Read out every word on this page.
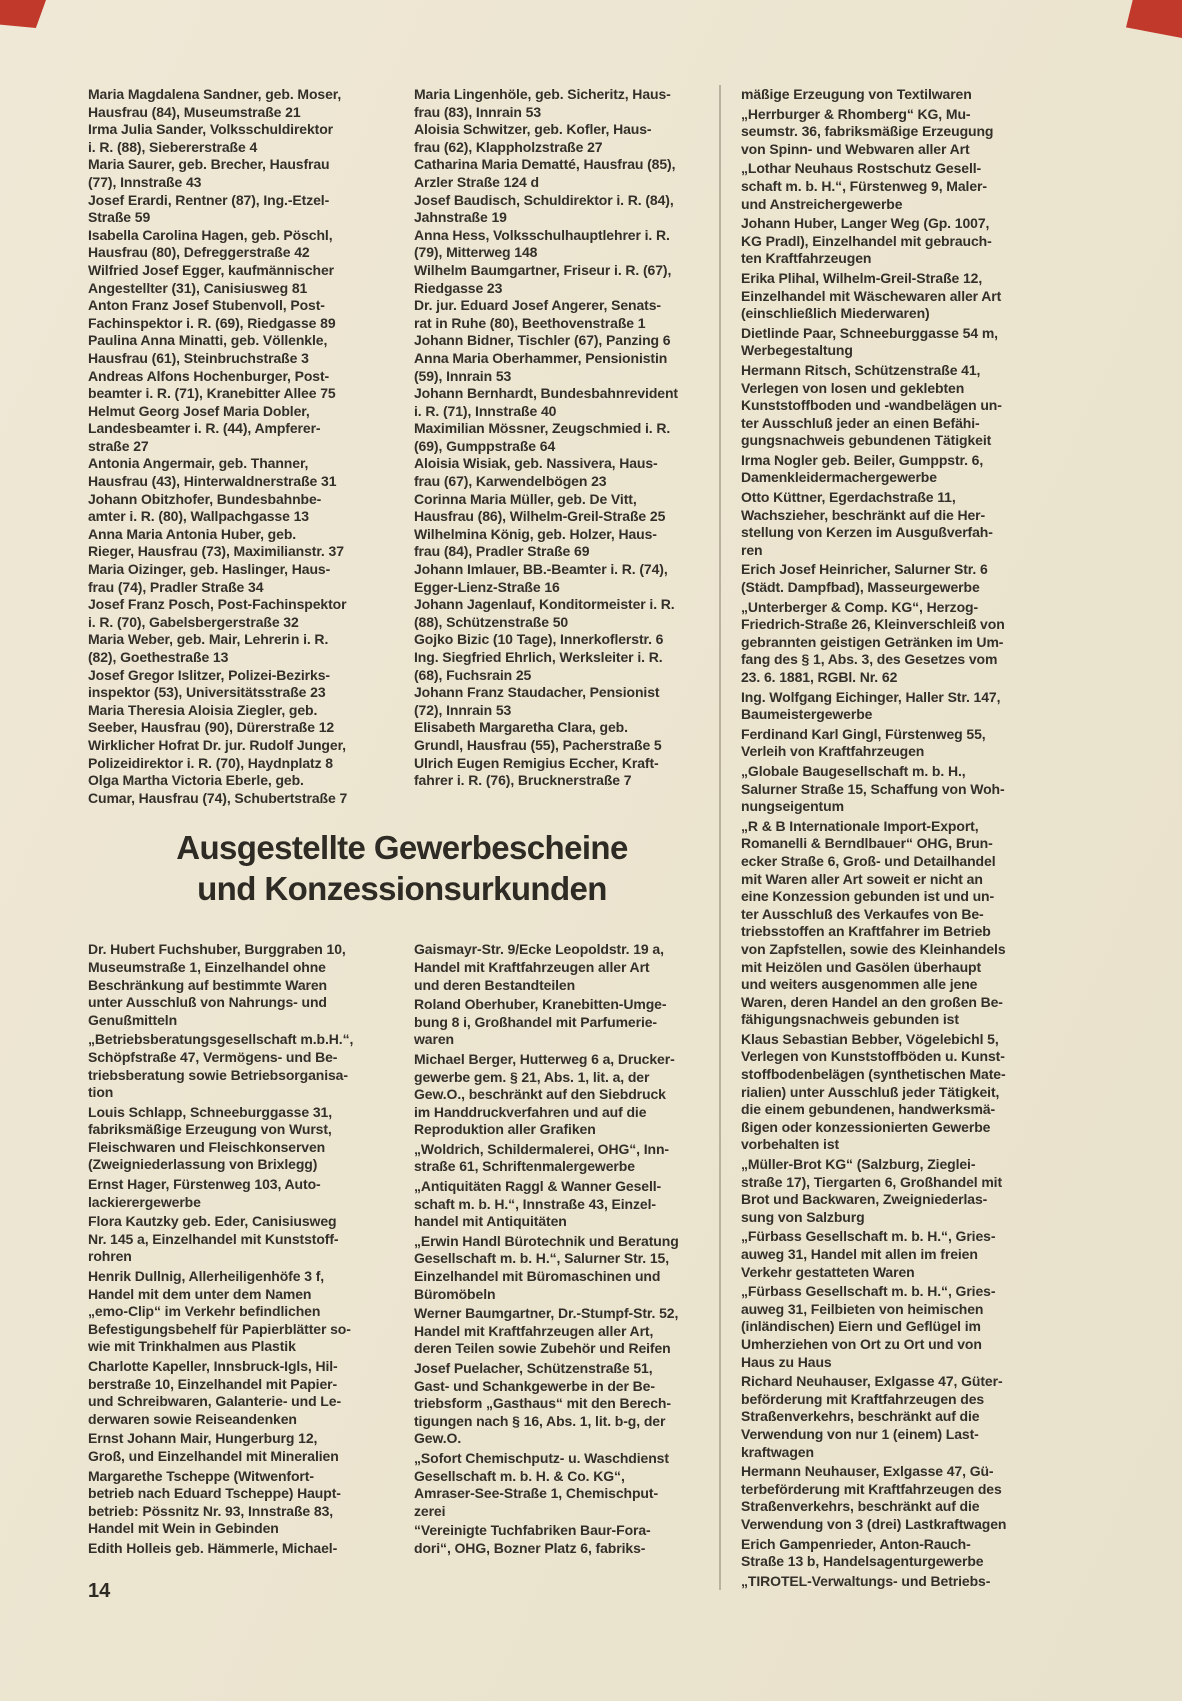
Maria Magdalena Sandner, geb. Moser,
Hausfrau (84), Museumstraße 21
Irma Julia Sander, Volksschuldirektor
i. R. (88), Siebererstraße 4
Maria Saurer, geb. Brecher, Hausfrau
(77), Innstraße 43
Josef Erardi, Rentner (87), Ing.-Etzel-
Straße 59
Isabella Carolina Hagen, geb. Pöschl,
Hausfrau (80), Defreggerstraße 42
Wilfried Josef Egger, kaufmännischer
Angestellter (31), Canisiusweg 81
Anton Franz Josef Stubenvoll, Post-
Fachinspektor i. R. (69), Riedgasse 89
Paulina Anna Minatti, geb. Völlenkle,
Hausfrau (61), Steinbruchstraße 3
Andreas Alfons Hochenburger, Post-
beamter i. R. (71), Kranebitter Allee 75
Helmut Georg Josef Maria Dobler,
Landesbeamter i. R. (44), Ampferer-
straße 27
Antonia Angermair, geb. Thanner,
Hausfrau (43), Hinterwaldnerstraße 31
Johann Obitzhofer, Bundesbahnbe-
amter i. R. (80), Wallpachgasse 13
Anna Maria Antonia Huber, geb.
Rieger, Hausfrau (73), Maximilianstr. 37
Maria Oizinger, geb. Haslinger, Haus-
frau (74), Pradler Straße 34
Josef Franz Posch, Post-Fachinspektor
i. R. (70), Gabelsbergerstraße 32
Maria Weber, geb. Mair, Lehrerin i. R.
(82), Goethestraße 13
Josef Gregor Islitzer, Polizei-Bezirks-
inspektor (53), Universitätsstraße 23
Maria Theresia Aloisia Ziegler, geb.
Seeber, Hausfrau (90), Dürerstraße 12
Wirklicher Hofrat Dr. jur. Rudolf Junger,
Polizeidirektor i. R. (70), Haydnplatz 8
Olga Martha Victoria Eberle, geb.
Cumar, Hausfrau (74), Schubertstraße 7
Maria Lingenhöle, geb. Sicheritz, Haus-
frau (83), Innrain 53
Aloisia Schwitzer, geb. Kofler, Haus-
frau (62), Klappholzstraße 27
Catharina Maria Dematté, Hausfrau (85),
Arzler Straße 124 d
Josef Baudisch, Schuldirektor i. R. (84),
Jahnstraße 19
Anna Hess, Volksschulhauptlehrer i. R.
(79), Mitterweg 148
Wilhelm Baumgartner, Friseur i. R. (67),
Riedgasse 23
Dr. jur. Eduard Josef Angerer, Senats-
rat in Ruhe (80), Beethovenstraße 1
Johann Bidner, Tischler (67), Panzing 6
Anna Maria Oberhammer, Pensionistin
(59), Innrain 53
Johann Bernhardt, Bundesbahnrevident
i. R. (71), Innstraße 40
Maximilian Mössner, Zeugschmied i. R.
(69), Gumppstraße 64
Aloisia Wisiak, geb. Nassivera, Haus-
frau (67), Karwendelbögen 23
Corinna Maria Müller, geb. De Vitt,
Hausfrau (86), Wilhelm-Greil-Straße 25
Wilhelmina König, geb. Holzer, Haus-
frau (84), Pradler Straße 69
Johann Imlauer, BB.-Beamter i. R. (74),
Egger-Lienz-Straße 16
Johann Jagenlauf, Konditormeister i. R.
(88), Schützenstraße 50
Gojko Bizic (10 Tage), Innerkoflerstr. 6
Ing. Siegfried Ehrlich, Werksleiter i. R.
(68), Fuchsrain 25
Johann Franz Staudacher, Pensionist
(72), Innrain 53
Elisabeth Margaretha Clara, geb.
Grundl, Hausfrau (55), Pacherstraße 5
Ulrich Eugen Remigius Eccher, Kraft-
fahrer i. R. (76), Brucknerstraße 7
Ausgestellte Gewerbescheine
und Konzessionsurkunden
Dr. Hubert Fuchshuber, Burggraben 10,
Museumstraße 1, Einzelhandel ohne
Beschränkung auf bestimmte Waren
unter Ausschluß von Nahrungs- und
Genußmitteln
„Betriebsberatungsgesellschaft m.b.H.“,
Schöpfstraße 47, Vermögens- und Be-
triebsberatung sowie Betriebsorganisa-
tion
Louis Schlapp, Schneeburggasse 31,
fabriksmäßige Erzeugung von Wurst,
Fleischwaren und Fleischkonserven
(Zweigniederlassung von Brixlegg)
Ernst Hager, Fürstenweg 103, Auto-
lackierergewerbe
Flora Kautzky geb. Eder, Canisiusweg
Nr. 145 a, Einzelhandel mit Kunststoff-
rohren
Henrik Dullnig, Allerheiligenhöfe 3 f,
Handel mit dem unter dem Namen
„emo-Clip“ im Verkehr befindlichen
Befestigungsbehelf für Papierblätter so-
wie mit Trinkhalmen aus Plastik
Charlotte Kapeller, Innsbruck-Igls, Hil-
berstraße 10, Einzelhandel mit Papier-
und Schreibwaren, Galanterie- und Le-
derwaren sowie Reiseandenken
Ernst Johann Mair, Hungerburg 12,
Groß, und Einzelhandel mit Mineralien
Margarethe Tscheppe (Witwenfort-
betrieb nach Eduard Tscheppe) Haupt-
betrieb: Pössnitz Nr. 93, Innstraße 83,
Handel mit Wein in Gebinden
Edith Holleis geb. Hämmerle, Michael-
Gaismayr-Str. 9/Ecke Leopoldstr. 19 a,
Handel mit Kraftfahrzeugen aller Art
und deren Bestandteilen
Roland Oberhuber, Kranebitten-Umge-
bung 8 i, Großhandel mit Parfumerie-
waren
Michael Berger, Hutterweg 6 a, Drucker-
gewerbe gem. § 21, Abs. 1, lit. a, der
Gew.O., beschränkt auf den Siebdruck
im Handdruckverfahren und auf die
Reproduktion aller Grafiken
„Woldrich, Schildermalerei, OHG“, Inn-
straße 61, Schriftenmalergewerbe
„Antiquitäten Raggl & Wanner Gesell-
schaft m. b. H.“, Innstraße 43, Einzel-
handel mit Antiquitäten
„Erwin Handl Bürotechnik und Beratung
Gesellschaft m. b. H.“, Salurner Str. 15,
Einzelhandel mit Büromaschinen und
Büromöbeln
Werner Baumgartner, Dr.-Stumpf-Str. 52,
Handel mit Kraftfahrzeugen aller Art,
deren Teilen sowie Zubehör und Reifen
Josef Puelacher, Schützenstraße 51,
Gast- und Schankgewerbe in der Be-
triebsform „Gasthaus“ mit den Berech-
tigungen nach § 16, Abs. 1, lit. b-g, der
Gew.O.
„Sofort Chemischputz- u. Waschdienst
Gesellschaft m. b. H. & Co. KG“,
Amraser-See-Straße 1, Chemischput-
zerei
“Vereinigte Tuchfabriken Baur-Fora-
dori“, OHG, Bozner Platz 6, fabriks-
mäßige Erzeugung von Textilwaren
„Herrburger & Rhomberg“ KG, Mu-
seumstr. 36, fabriksmäßige Erzeugung
von Spinn- und Webwaren aller Art
„Lothar Neuhaus Rostschutz Gesell-
schaft m. b. H.“, Fürstenweg 9, Maler-
und Anstreichergewerbe
Johann Huber, Langer Weg (Gp. 1007,
KG Pradl), Einzelhandel mit gebrauch-
ten Kraftfahrzeugen
Erika Plihal, Wilhelm-Greil-Straße 12,
Einzelhandel mit Wäschewaren aller Art
(einschließlich Miederwaren)
Dietlinde Paar, Schneeburggasse 54 m,
Werbegestaltung
Hermann Ritsch, Schützenstraße 41,
Verlegen von losen und geklebten
Kunststoffboden und -wandbelägen un-
ter Ausschluß jeder an einen Befähi-
gungsnachweis gebundenen Tätigkeit
Irma Nogler geb. Beiler, Gumppstr. 6,
Damenkleidermachergewerbe
Otto Küttner, Egerdachstraße 11,
Wachszieher, beschränkt auf die Her-
stellung von Kerzen im Ausgußverfah-
ren
Erich Josef Heinricher, Salurner Str. 6
(Städt. Dampfbad), Masseurgewerbe
„Unterberger & Comp. KG“, Herzog-
Friedrich-Straße 26, Kleinverschleiß von
gebrannten geistigen Getränken im Um-
fang des § 1, Abs. 3, des Gesetzes vom
23. 6. 1881, RGBl. Nr. 62
Ing. Wolfgang Eichinger, Haller Str. 147,
Baumeistergewerbe
Ferdinand Karl Gingl, Fürstenweg 55,
Verleih von Kraftfahrzeugen
„Globale Baugesellschaft m. b. H.,
Salurner Straße 15, Schaffung von Woh-
nungseigentum
„R & B Internationale Import-Export,
Romanelli & Berndlbauer“ OHG, Brun-
ecker Straße 6, Groß- und Detailhandel
mit Waren aller Art soweit er nicht an
eine Konzession gebunden ist und un-
ter Ausschluß des Verkaufes von Be-
triebsstoffen an Kraftfahrer im Betrieb
von Zapfstellen, sowie des Kleinhandels
mit Heizölen und Gasölen überhaupt
und weiters ausgenommen alle jene
Waren, deren Handel an den großen Be-
fähigungsnachweis gebunden ist
Klaus Sebastian Bebber, Vögelebichl 5,
Verlegen von Kunststoffböden u. Kunst-
stoffbodenbelägen (synthetischen Mate-
rialien) unter Ausschluß jeder Tätigkeit,
die einem gebundenen, handwerksmä-
ßigen oder konzessionierten Gewerbe
vorbehalten ist
„Müller-Brot KG“ (Salzburg, Zieglei-
straße 17), Tiergarten 6, Großhandel mit
Brot und Backwaren, Zweigniederlas-
sung von Salzburg
„Fürbass Gesellschaft m. b. H.“, Gries-
auweg 31, Handel mit allen im freien
Verkehr gestatteten Waren
„Fürbass Gesellschaft m. b. H.“, Gries-
auweg 31, Feilbieten von heimischen
(inländischen) Eiern und Geflügel im
Umherziehen von Ort zu Ort und von
Haus zu Haus
Richard Neuhauser, Exlgasse 47, Güter-
beförderung mit Kraftfahrzeugen des
Straßenverkehrs, beschränkt auf die
Verwendung von nur 1 (einem) Last-
kraftwagen
Hermann Neuhauser, Exlgasse 47, Gü-
terbeförderung mit Kraftfahrzeugen des
Straßenverkehrs, beschränkt auf die
Verwendung von 3 (drei) Lastkraftwagen
Erich Gampenrieder, Anton-Rauch-
Straße 13 b, Handelsagenturgewerbe
„TIROTEL-Verwaltungs- und Betriebs-
14
